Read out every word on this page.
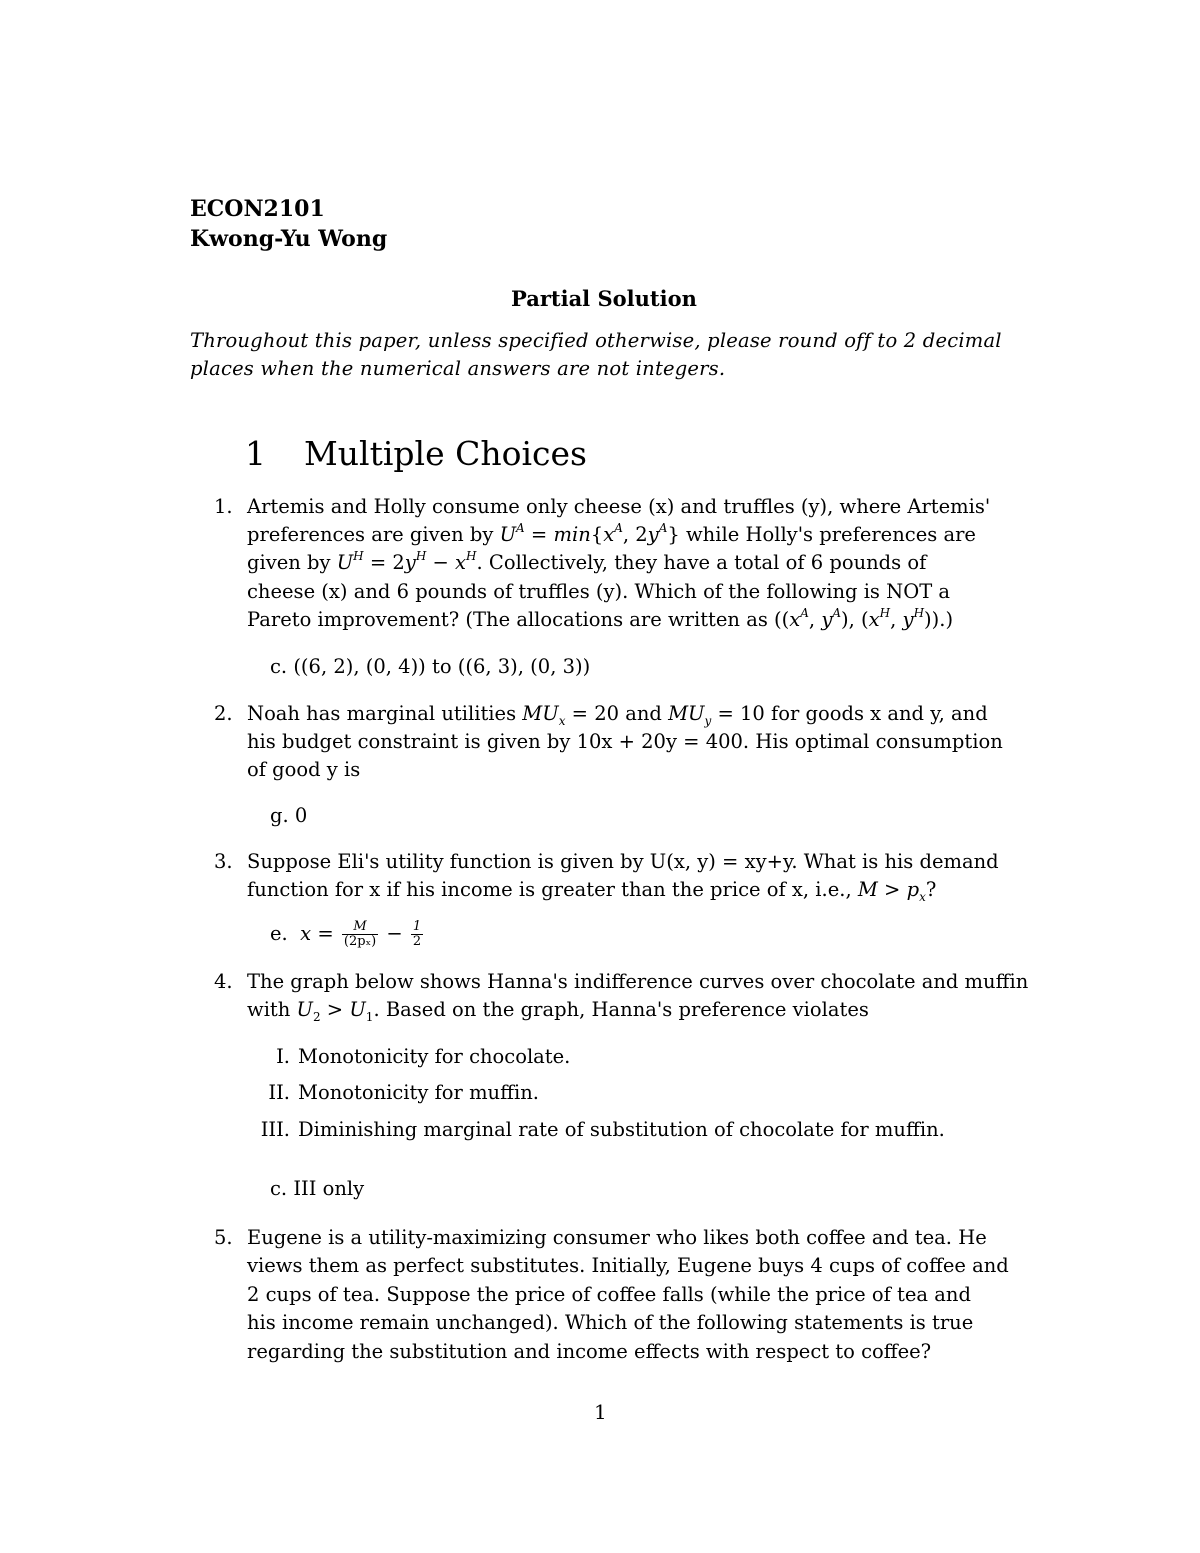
ECON2101
Kwong-Yu Wong
Partial Solution
Throughout this paper, unless specified otherwise, please round off to 2 decimal
places when the numerical answers are not integers.
1 Multiple Choices
1. Artemis and Holly consume only cheese (x) and truffles (y), where Artemis'
preferences are given by $U^A = \min\{x^A$, $2y^A$} while Holly's preferences are
given by $U^H = 2y^H - x^H$. Collectively, they have a total of 6 pounds of
cheese (x) and 6 pounds of truffles (y). Which of the following is NOT a
Pareto improvement? (The allocations are written as (($x^A$, $y^A$), ($x^H$, $y^H$)).)
c. ((6, 2), (0, 4)) to ((6, 3), (0, 3))
2. Noah has marginal utilities $MU_x = 20$ and $MU_y = 10$ for goods x and y, and
his budget constraint is given by 10x + 20y = 400. His optimal consumption
of good y is
g. 0
3. Suppose Eli's utility function is given by U(x, y) = xy+y. What is his demand
function for x if his income is greater than the price of x, i.e., $M > p_x$?
e. $x = \frac{M}{\text{(2pₓ)}} - \frac{1}{2}$
4. The graph below shows Hanna's indifference curves over chocolate and muffin
with $U_2 > U_1$. Based on the graph, Hanna's preference violates
I. Monotonicity for chocolate.
II. Monotonicity for muffin.
III. Diminishing marginal rate of substitution of chocolate for muffin.
c. III only
5. Eugene is a utility-maximizing consumer who likes both coffee and tea. He
views them as perfect substitutes. Initially, Eugene buys 4 cups of coffee and
2 cups of tea. Suppose the price of coffee falls (while the price of tea and
his income remain unchanged). Which of the following statements is true
regarding the substitution and income effects with respect to coffee?
1
